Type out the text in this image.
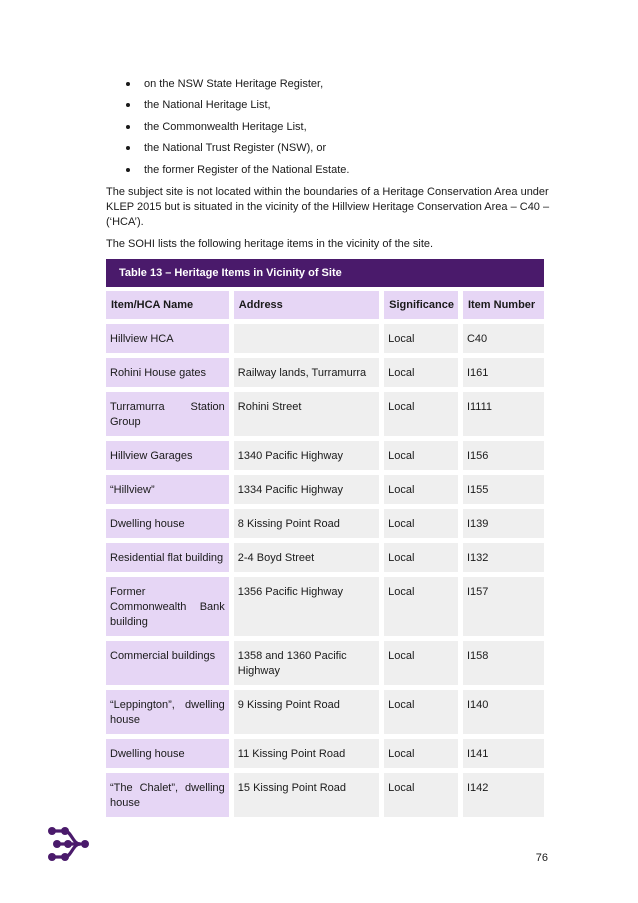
on the NSW State Heritage Register,
the National Heritage List,
the Commonwealth Heritage List,
the National Trust Register (NSW), or
the former Register of the National Estate.

The subject site is not located within the boundaries of a Heritage Conservation Area under KLEP 2015 but is situated in the vicinity of the Hillview Heritage Conservation Area – C40 – (‘HCA’).

The SOHI lists the following heritage items in the vicinity of the site.

Table 13 – Heritage Items in Vicinity of Site
Item/HCA Name	Address	Significance	Item Number
Hillview HCA		Local	C40
Rohini House gates	Railway lands, Turramurra	Local	I161
Turramurra Station Group	Rohini Street	Local	I1111
Hillview Garages	1340 Pacific Highway	Local	I156
“Hillview”	1334 Pacific Highway	Local	I155
Dwelling house	8 Kissing Point Road	Local	I139
Residential flat building	2-4 Boyd Street	Local	I132
Former Commonwealth Bank building	1356 Pacific Highway	Local	I157
Commercial buildings	1358 and 1360 Pacific Highway	Local	I158
“Leppington”, dwelling house	9 Kissing Point Road	Local	I140
Dwelling house	11 Kissing Point Road	Local	I141
“The Chalet”, dwelling house	15 Kissing Point Road	Local	I142
76
